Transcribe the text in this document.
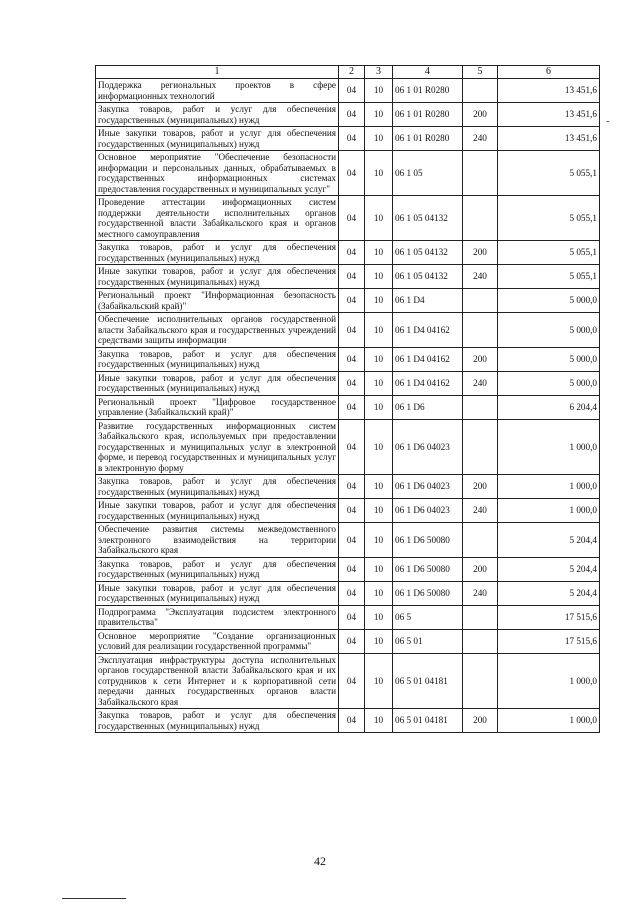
1	2	3	4	5	6
Поддержка региональных проектов в сфере информационных технологий	04	10	06 1 01 R0280		13 451,6
Закупка товаров, работ и услуг для обеспечения государственных (муниципальных) нужд	04	10	06 1 01 R0280	200	13 451,6
Иные закупки товаров, работ и услуг для обеспечения государственных (муниципальных) нужд	04	10	06 1 01 R0280	240	13 451,6
Основное мероприятие "Обеспечение безопасности информации и персональных данных, обрабатываемых в государственных информационных системах предоставления государственных и муниципальных услуг"	04	10	06 1 05		5 055,1
Проведение аттестации информационных систем поддержки деятельности исполнительных органов государственной власти Забайкальского края и органов местного самоуправления	04	10	06 1 05 04132		5 055,1
Закупка товаров, работ и услуг для обеспечения государственных (муниципальных) нужд	04	10	06 1 05 04132	200	5 055,1
Иные закупки товаров, работ и услуг для обеспечения государственных (муниципальных) нужд	04	10	06 1 05 04132	240	5 055,1
Региональный проект "Информационная безопасность (Забайкальский край)"	04	10	06 1 D4		5 000,0
Обеспечение исполнительных органов государственной власти Забайкальского края и государственных учреждений средствами защиты информации	04	10	06 1 D4 04162		5 000,0
Закупка товаров, работ и услуг для обеспечения государственных (муниципальных) нужд	04	10	06 1 D4 04162	200	5 000,0
Иные закупки товаров, работ и услуг для обеспечения государственных (муниципальных) нужд	04	10	06 1 D4 04162	240	5 000,0
Региональный проект "Цифровое государственное управление (Забайкальский край)"	04	10	06 1 D6		6 204,4
Развитие государственных информационных систем Забайкальского края, используемых при предоставлении государственных и муниципальных услуг в электронной форме, и перевод государственных и муниципальных услуг в электронную форму	04	10	06 1 D6 04023		1 000,0
Закупка товаров, работ и услуг для обеспечения государственных (муниципальных) нужд	04	10	06 1 D6 04023	200	1 000,0
Иные закупки товаров, работ и услуг для обеспечения государственных (муниципальных) нужд	04	10	06 1 D6 04023	240	1 000,0
Обеспечение развития системы межведомственного электронного взаимодействия на территории Забайкальского края	04	10	06 1 D6 50080		5 204,4
Закупка товаров, работ и услуг для обеспечения государственных (муниципальных) нужд	04	10	06 1 D6 50080	200	5 204,4
Иные закупки товаров, работ и услуг для обеспечения государственных (муниципальных) нужд	04	10	06 1 D6 50080	240	5 204,4
Подпрограмма "Эксплуатация подсистем электронного правительства"	04	10	06 5		17 515,6
Основное мероприятие "Создание организационных условий для реализации государственной программы"	04	10	06 5 01		17 515,6
Эксплуатация инфраструктуры доступа исполнительных органов государственной власти Забайкальского края и их сотрудников к сети Интернет и к корпоративной сети передачи данных государственных органов власти Забайкальского края	04	10	06 5 01 04181		1 000,0
Закупка товаров, работ и услуг для обеспечения государственных (муниципальных) нужд	04	10	06 5 01 04181	200	1 000,0
-
42
